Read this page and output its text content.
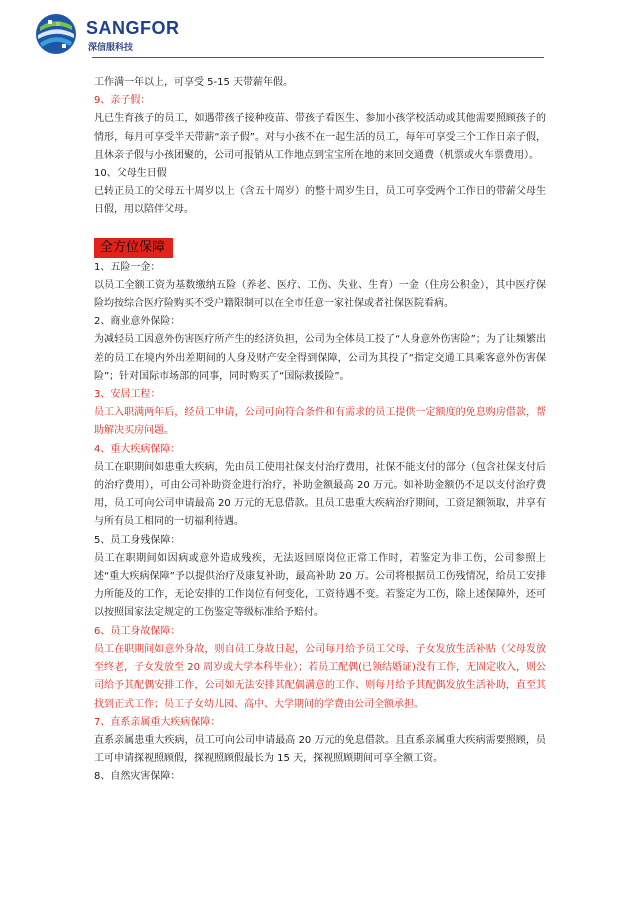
SANGFOR
深信服科技

工作满一年以上，可享受 5-15 天带薪年假。

9、亲子假：

凡已生育孩子的员工，如遇带孩子接种疫苗、带孩子看医生、参加小孩学校活动或其他需要照顾孩子的情形，每月可享受半天带薪“亲子假”。对与小孩不在一起生活的员工，每年可享受三个工作日亲子假，且休亲子假与小孩团聚的，公司可报销从工作地点到宝宝所在地的来回交通费（机票或火车票费用）。

10、父母生日假

已转正员工的父母五十周岁以上（含五十周岁）的整十周岁生日，员工可享受两个工作日的带薪父母生日假，用以陪伴父母。

全方位保障

1、五险一金：

以员工全额工资为基数缴纳五险（养老、医疗、工伤、失业、生育）一金（住房公积金），其中医疗保险均按综合医疗险购买不受户籍限制可以在全市任意一家社保或者社保医院看病。

2、商业意外保险：

为减轻员工因意外伤害医疗所产生的经济负担，公司为全体员工投了“人身意外伤害险”；为了让频繁出差的员工在境内外出差期间的人身及财产安全得到保障，公司为其投了“指定交通工具乘客意外伤害保险”；针对国际市场部的同事，同时购买了“国际救援险”。

3、安居工程：

员工入职满两年后，经员工申请，公司可向符合条件和有需求的员工提供一定额度的免息购房借款，帮助解决买房问题。

4、重大疾病保障：

员工在职期间如患重大疾病，先由员工使用社保支付治疗费用，社保不能支付的部分（包含社保支付后的治疗费用），可由公司补助资金进行治疗，补助金额最高 20 万元。如补助金额仍不足以支付治疗费用，员工可向公司申请最高 20 万元的无息借款。且员工患重大疾病治疗期间，工资足额领取，并享有与所有员工相同的一切福利待遇。

5、员工身残保障：

员工在职期间如因病或意外造成残疾，无法返回原岗位正常工作时，若鉴定为非工伤，公司参照上述“重大疾病保障”予以提供治疗及康复补助，最高补助 20 万。公司将根据员工伤残情况，给员工安排力所能及的工作，无论安排的工作岗位有何变化，工资待遇不变。若鉴定为工伤，除上述保障外，还可以按照国家法定规定的工伤鉴定等级标准给予赔付。

6、员工身故保障：

员工在职期间如意外身故，则自员工身故日起，公司每月给予员工父母、子女发放生活补贴（父母发放至终老，子女发放至 20 周岁或大学本科毕业）；若员工配偶(已领结婚证)没有工作，无固定收入，则公司给予其配偶安排工作，公司如无法安排其配偶满意的工作、则每月给予其配偶发放生活补助，直至其找到正式工作；员工子女幼儿园、高中、大学期间的学费由公司全额承担。

7、直系亲属重大疾病保障：

直系亲属患重大疾病，员工可向公司申请最高 20 万元的免息借款。且直系亲属重大疾病需要照顾，员工可申请探视照顾假，探视照顾假最长为 15 天，探视照顾期间可享全额工资。

8、自然灾害保障：
